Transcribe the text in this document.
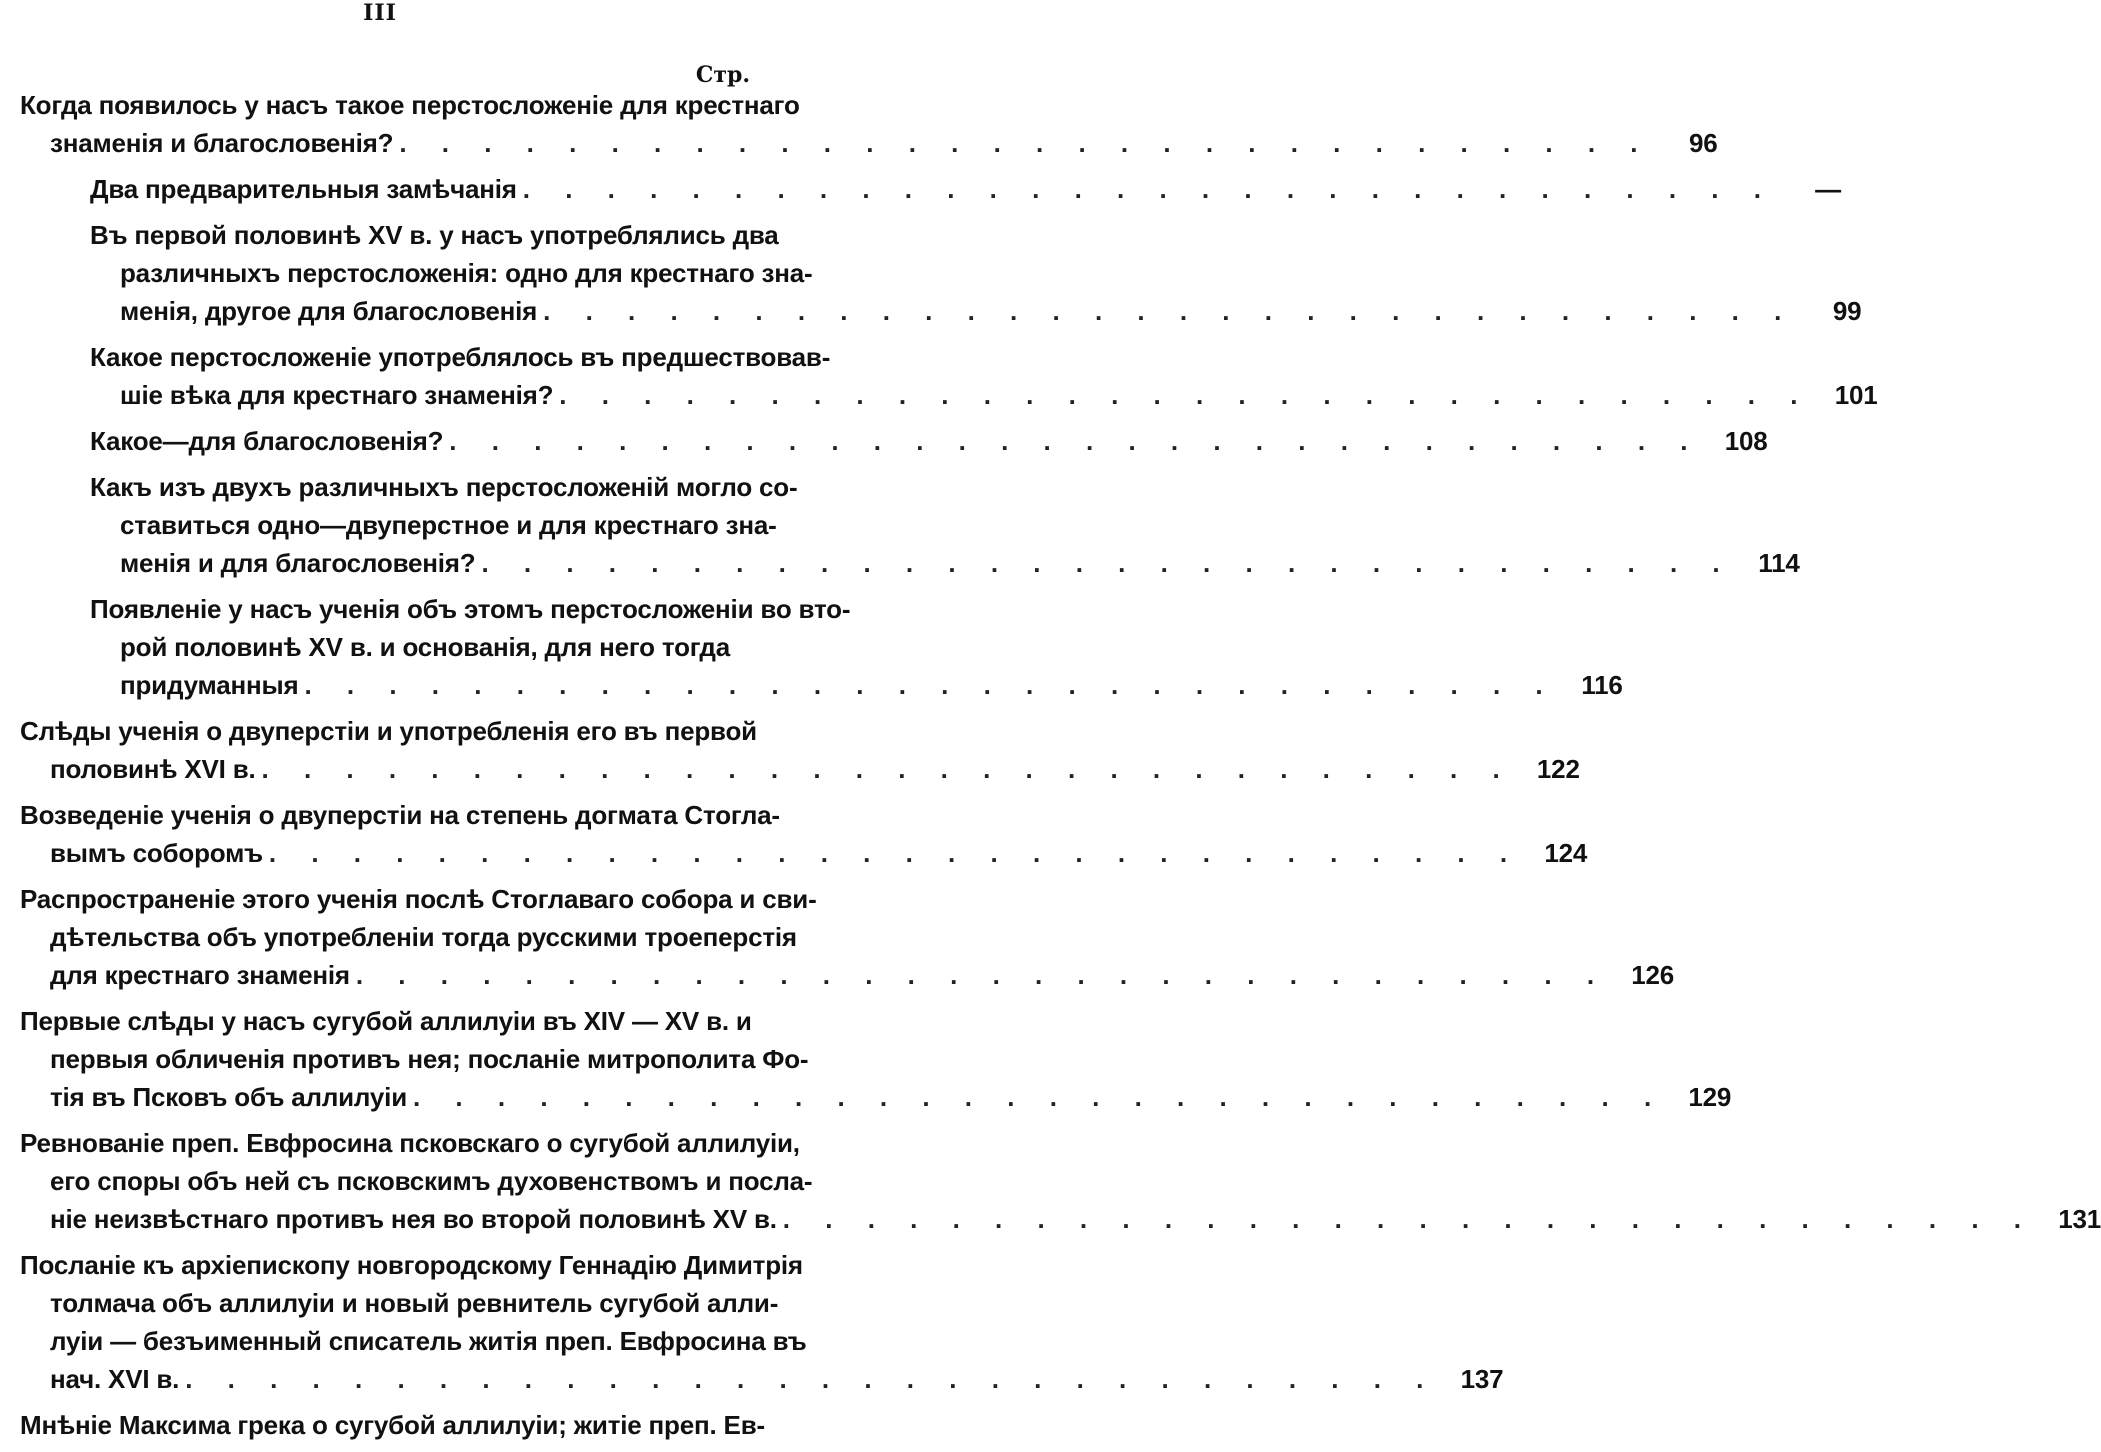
III
Стр.
Когда появилось у насъ такое перстосложеніе для крестнаго
знаменія и благословенія? . . . . . . . . . . . . . . . . . . . . . . . . . . . . . .	96
Два предварительныя замѣчанія . . . . . . . . . . . . . . . . . . . . . . . . . . . . . .	—
Въ первой половинѣ XV в. у насъ употреблялись два
различныхъ перстосложенія: одно для крестнаго зна-
менія, другое для благословенія . . . . . . . . . . . . . . . . . . . . . . . . . . . . . .	99
Какое перстосложеніе употреблялось въ предшествовав-
шіе вѣка для крестнаго знаменія? . . . . . . . . . . . . . . . . . . . . . . . . . . . . . . 101
Какое—для благословенія? . . . . . . . . . . . . . . . . . . . . . . . . . . . . . . 108
Какъ изъ двухъ различныхъ перстосложеній могло со-
ставиться одно—двуперстное и для крестнаго зна-
менія и для благословенія? . . . . . . . . . . . . . . . . . . . . . . . . . . . . . . 114
Появленіе у насъ ученія объ этомъ перстосложеніи во вто-
рой половинѣ XV в. и основанія, для него тогда
придуманныя . . . . . . . . . . . . . . . . . . . . . . . . . . . . . . 116
Слѣды ученія о двуперстіи и употребленія его въ первой
половинѣ XVI в. . . . . . . . . . . . . . . . . . . . . . . . . . . . . . . 122
Возведеніе ученія о двуперстіи на степень догмата Стогла-
вымъ соборомъ . . . . . . . . . . . . . . . . . . . . . . . . . . . . . . 124
Распространеніе этого ученія послѣ Стоглаваго собора и сви-
дѣтельства объ употребленіи тогда русскими троеперстія
для крестнаго знаменія . . . . . . . . . . . . . . . . . . . . . . . . . . . . . . 126
Первые слѣды у насъ сугубой аллилуіи въ XIV — XV в. и
первыя обличенія противъ нея; посланіе митрополита Фо-
тія въ Псковъ объ аллилуіи . . . . . . . . . . . . . . . . . . . . . . . . . . . . . . 129
Ревнованіе преп. Евфросина псковскаго о сугубой аллилуіи,
его споры объ ней съ псковскимъ духовенствомъ и посла-
ніе неизвѣстнаго противъ нея во второй половинѣ XV в. . . . . . . . . . . . . . . . . . . . . . . . . . . . . . . 131
Посланіе къ архіепископу новгородскому Геннадію Димитрія
толмача объ аллилуіи и новый ревнитель сугубой алли-
луіи — безъименный списатель житія преп. Евфросина въ
нач. XVI в. . . . . . . . . . . . . . . . . . . . . . . . . . . . . . . 137
Мнѣніе Максима грека о сугубой аллилуіи; житіе преп. Ев-
